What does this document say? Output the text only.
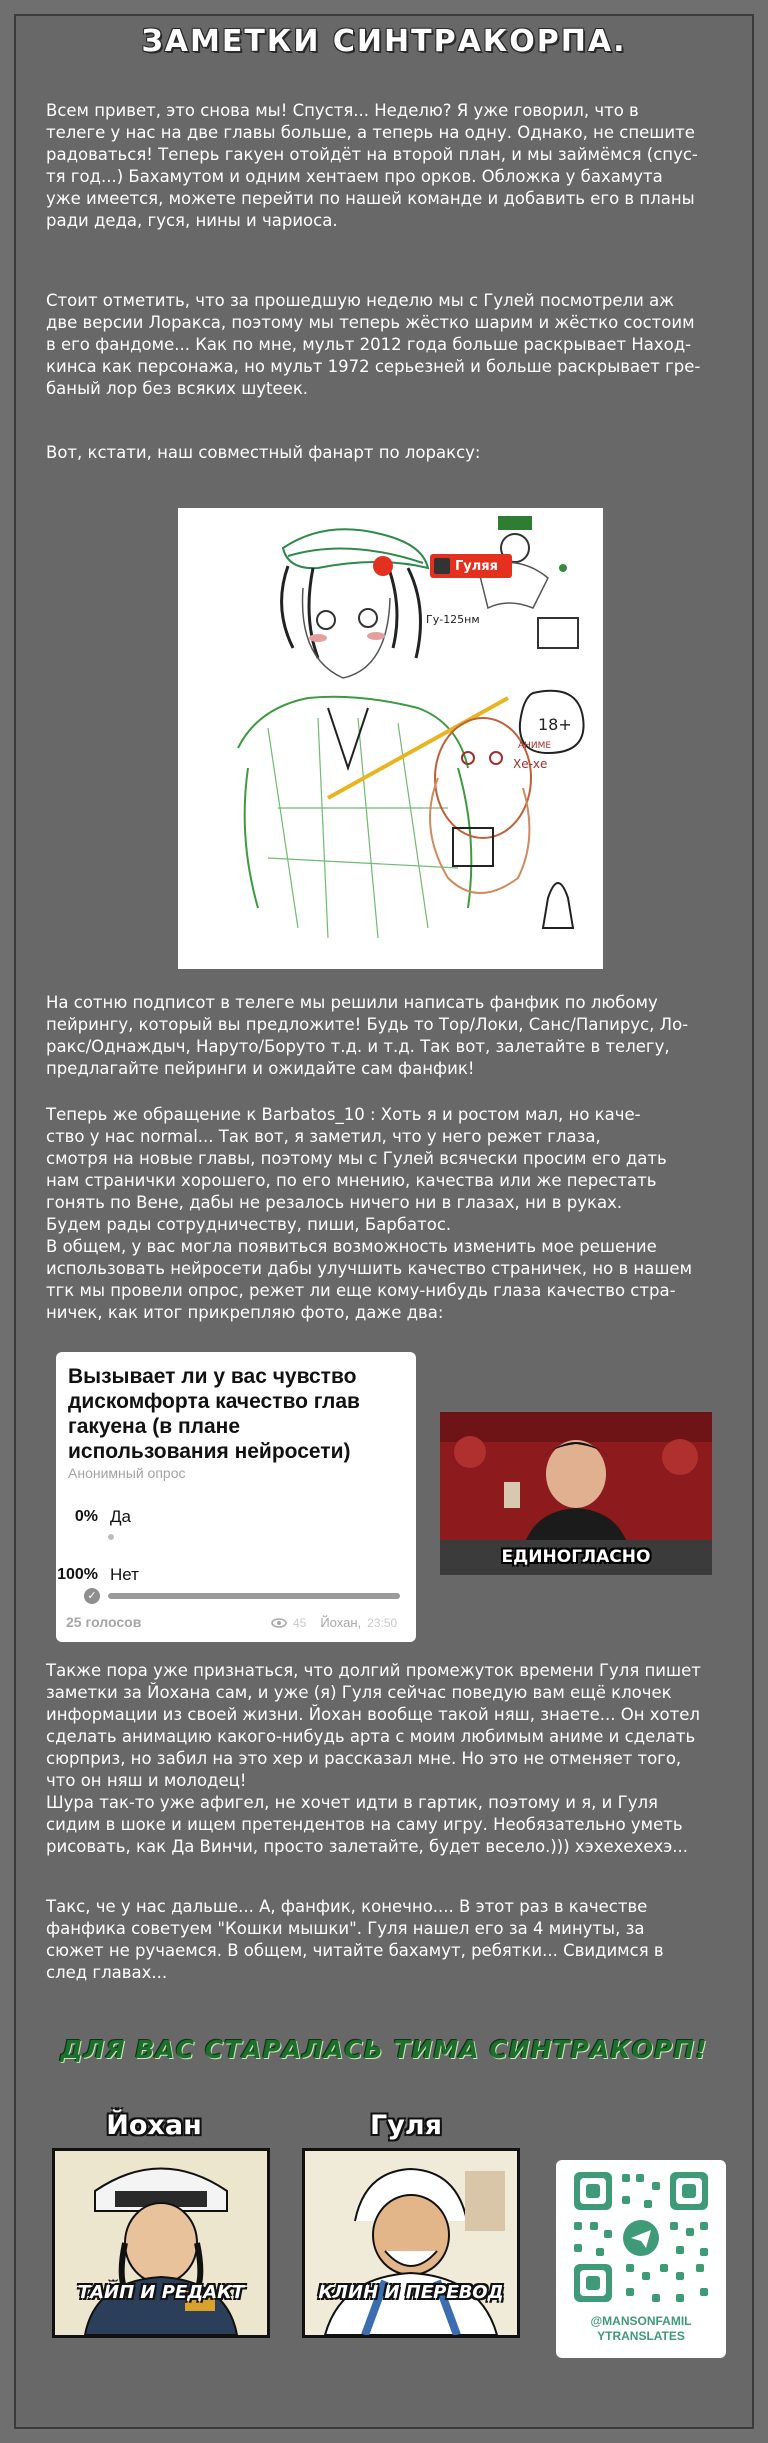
ЗАМЕТКИ СИНТРАКОРПА.
Всем привет, это снова мы! Спустя... Неделю? Я уже говорил, что в
телеге у нас на две главы больше, а теперь на одну. Однако, не спешите
радоваться! Теперь гакуен отойдёт на второй план, и мы займёмся (спус-
тя год...) Бахамутом и одним хентаем про орков. Обложка у бахамута
уже имеется, можете перейти по нашей команде и добавить его в планы
ради деда, гуся, нины и чариоса.
Стоит отметить, что за прошедшую неделю мы с Гулей посмотрели аж
две версии Лоракса, поэтому мы теперь жёстко шарим и жёстко состоим
в его фандоме... Как по мне, мульт 2012 года больше раскрывает Наход-
кинса как персонажа, но мульт 1972 серьезней и больше раскрывает гре-
баный лор без всяких шуteек.
Вот, кстати, наш совместный фанарт по лораксу:
Гу-125нм
18+
Хе-хе
АНИМЕ
Гуляя
На сотню подписот в телеге мы решили написать фанфик по любому
пейрингу, который вы предложите! Будь то Тор/Локи, Санс/Папирус, Ло-
ракс/Однаждыч, Наруто/Боруто т.д. и т.д. Так вот, залетайте в телегу,
предлагайте пейринги и ожидайте сам фанфик!
Теперь же обращение к Barbatos_10 : Хоть я и ростом мал, но каче-
ство у нас normal... Так вот, я заметил, что у него режет глаза,
смотря на новые главы, поэтому мы с Гулей всячески просим его дать
нам странички хорошего, по его мнению, качества или же перестать
гонять по Вене, дабы не резалось ничего ни в глазах, ни в руках.
Будем рады сотрудничеству, пиши, Барбатос.
В общем, у вас могла появиться возможность изменить мое решение
использовать нейросети дабы улучшить качество страничек, но в нашем
тгк мы провели опрос, режет ли еще кому-нибудь глаза качество стра-
ничек, как итог прикрепляю фото, даже два:
Вызывает ли у вас чувство дискомфорта качество глав гакуена (в плане использования нейросети)
Анонимный опрос
0% Да
100% Нет
✓
25 голосов	45 Йохан, 23:50
ЕДИНОГЛАСНО
Также пора уже признаться, что долгий промежуток времени Гуля пишет
заметки за Йохана сам, и уже (я) Гуля сейчас поведую вам ещё клочек
информации из своей жизни. Йохан вообще такой няш, знаете... Он хотел
сделать анимацию какого-нибудь арта с моим любимым аниме и сделать
сюрприз, но забил на это хер и рассказал мне. Но это не отменяет того,
что он няш и молодец!
Шура так-то уже афигел, не хочет идти в гартик, поэтому и я, и Гуля
сидим в шоке и ищем претендентов на саму игру. Необязательно уметь
рисовать, как Да Винчи, просто залетайте, будет весело.))) хэхехехехэ...
Такс, че у нас дальше... А, фанфик, конечно.... В этот раз в качестве
фанфика советуем "Кошки мышки". Гуля нашел его за 4 минуты, за
сюжет не ручаемся. В общем, читайте бахамут, ребятки... Свидимся в
след главах...
ДЛЯ ВАС СТАРАЛАСЬ ТИМА СИНТРАКОРП!
Йохан
ТАЙП И РЕДАКТ
Гуля
КЛИН И ПЕРЕВОД
@MANSONFAMIL
YTRANSLATES
